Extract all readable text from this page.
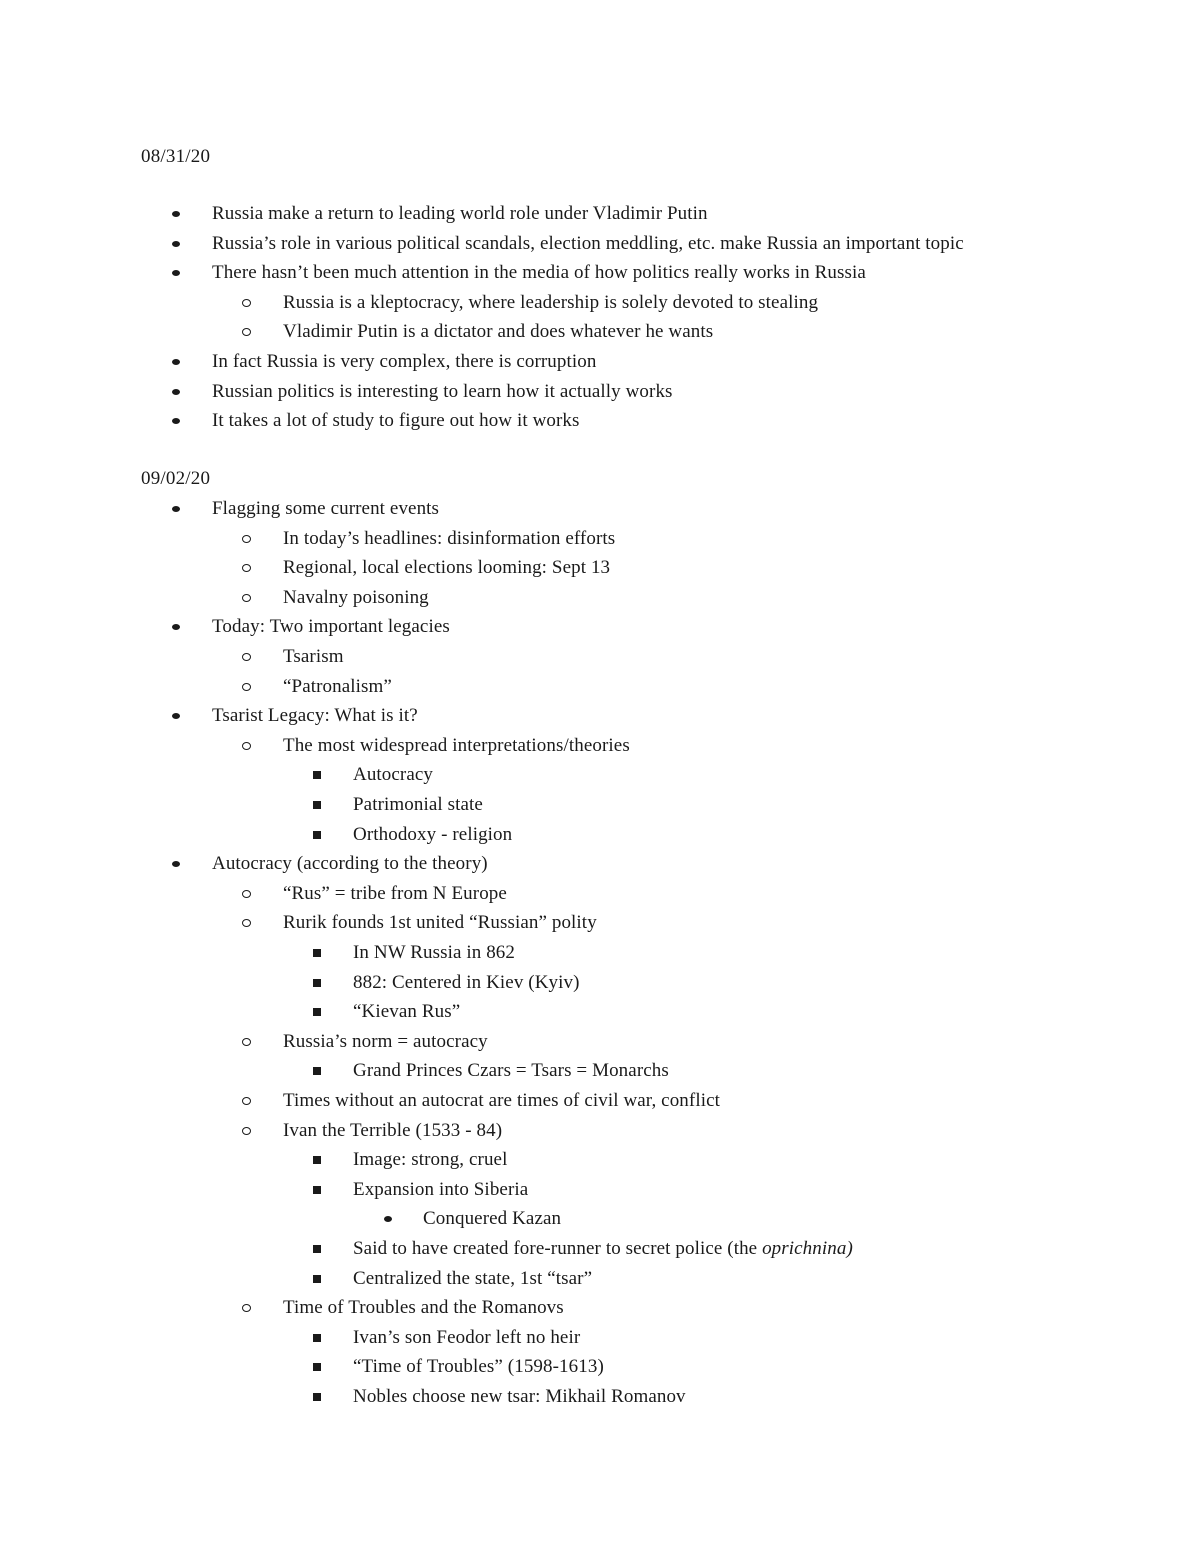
08/31/20
Russia make a return to leading world role under Vladimir Putin
Russia’s role in various political scandals, election meddling, etc. make Russia an important topic
There hasn’t been much attention in the media of how politics really works in Russia
Russia is a kleptocracy, where leadership is solely devoted to stealing
Vladimir Putin is a dictator and does whatever he wants
In fact Russia is very complex, there is corruption
Russian politics is interesting to learn how it actually works
It takes a lot of study to figure out how it works
09/02/20
Flagging some current events
In today’s headlines: disinformation efforts
Regional, local elections looming: Sept 13
Navalny poisoning
Today: Two important legacies
Tsarism
“Patronalism”
Tsarist Legacy: What is it?
The most widespread interpretations/theories
Autocracy
Patrimonial state
Orthodoxy - religion
Autocracy (according to the theory)
“Rus” = tribe from N Europe
Rurik founds 1st united “Russian” polity
In NW Russia in 862
882: Centered in Kiev (Kyiv)
“Kievan Rus”
Russia’s norm = autocracy
Grand Princes Czars = Tsars = Monarchs
Times without an autocrat are times of civil war, conflict
Ivan the Terrible (1533 - 84)
Image: strong, cruel
Expansion into Siberia
Conquered Kazan
Said to have created fore-runner to secret police (the oprichnina)
Centralized the state, 1st “tsar”
Time of Troubles and the Romanovs
Ivan’s son Feodor left no heir
“Time of Troubles” (1598-1613)
Nobles choose new tsar: Mikhail Romanov
